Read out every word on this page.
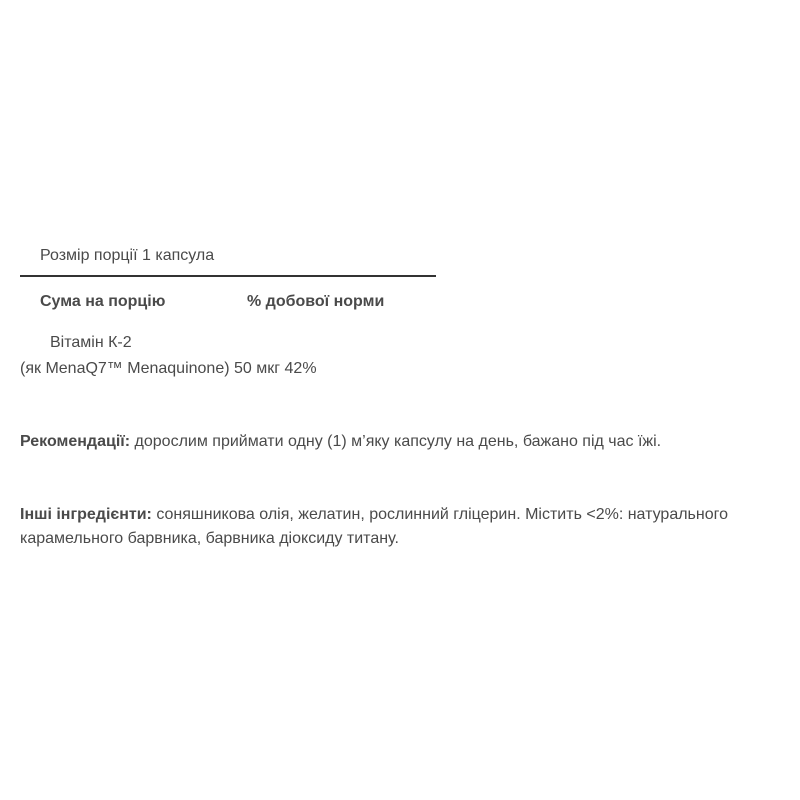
Розмір порції 1 капсула
Сума на порцію	% добової норми
Вітамін К-2
(як MenaQ7™ Menaquinone) 50 мкг 42%
Рекомендації: дорослим приймати одну (1) м’яку капсулу на день, бажано під час їжі.
Інші інгредієнти: соняшникова олія, желатин, рослинний гліцерин. Містить <2%: натурального карамельного барвника, барвника діоксиду титану.
